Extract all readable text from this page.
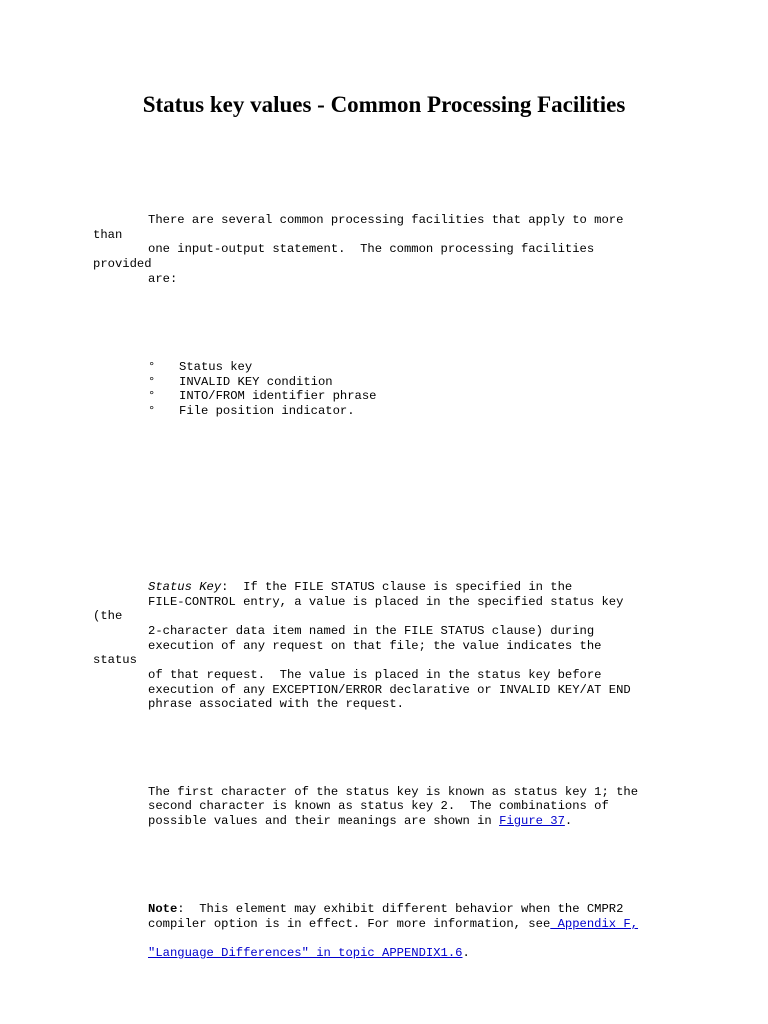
Status key values - Common Processing Facilities
There are several common processing facilities that apply to more
than
one input-output statement.  The common processing facilities
provided
are:
° Status key
° INVALID KEY condition
° INTO/FROM identifier phrase
° File position indicator.
Status Key:  If the FILE STATUS clause is specified in the
FILE-CONTROL entry, a value is placed in the specified status key
(the
2-character data item named in the FILE STATUS clause) during
execution of any request on that file; the value indicates the
status
of that request.  The value is placed in the status key before
execution of any EXCEPTION/ERROR declarative or INVALID KEY/AT END
phrase associated with the request.
The first character of the status key is known as status key 1; the
second character is known as status key 2.  The combinations of
possible values and their meanings are shown in Figure 37.
Note:  This element may exhibit different behavior when the CMPR2
compiler option is in effect. For more information, see Appendix F,
"Language Differences" in topic APPENDIX1.6.
